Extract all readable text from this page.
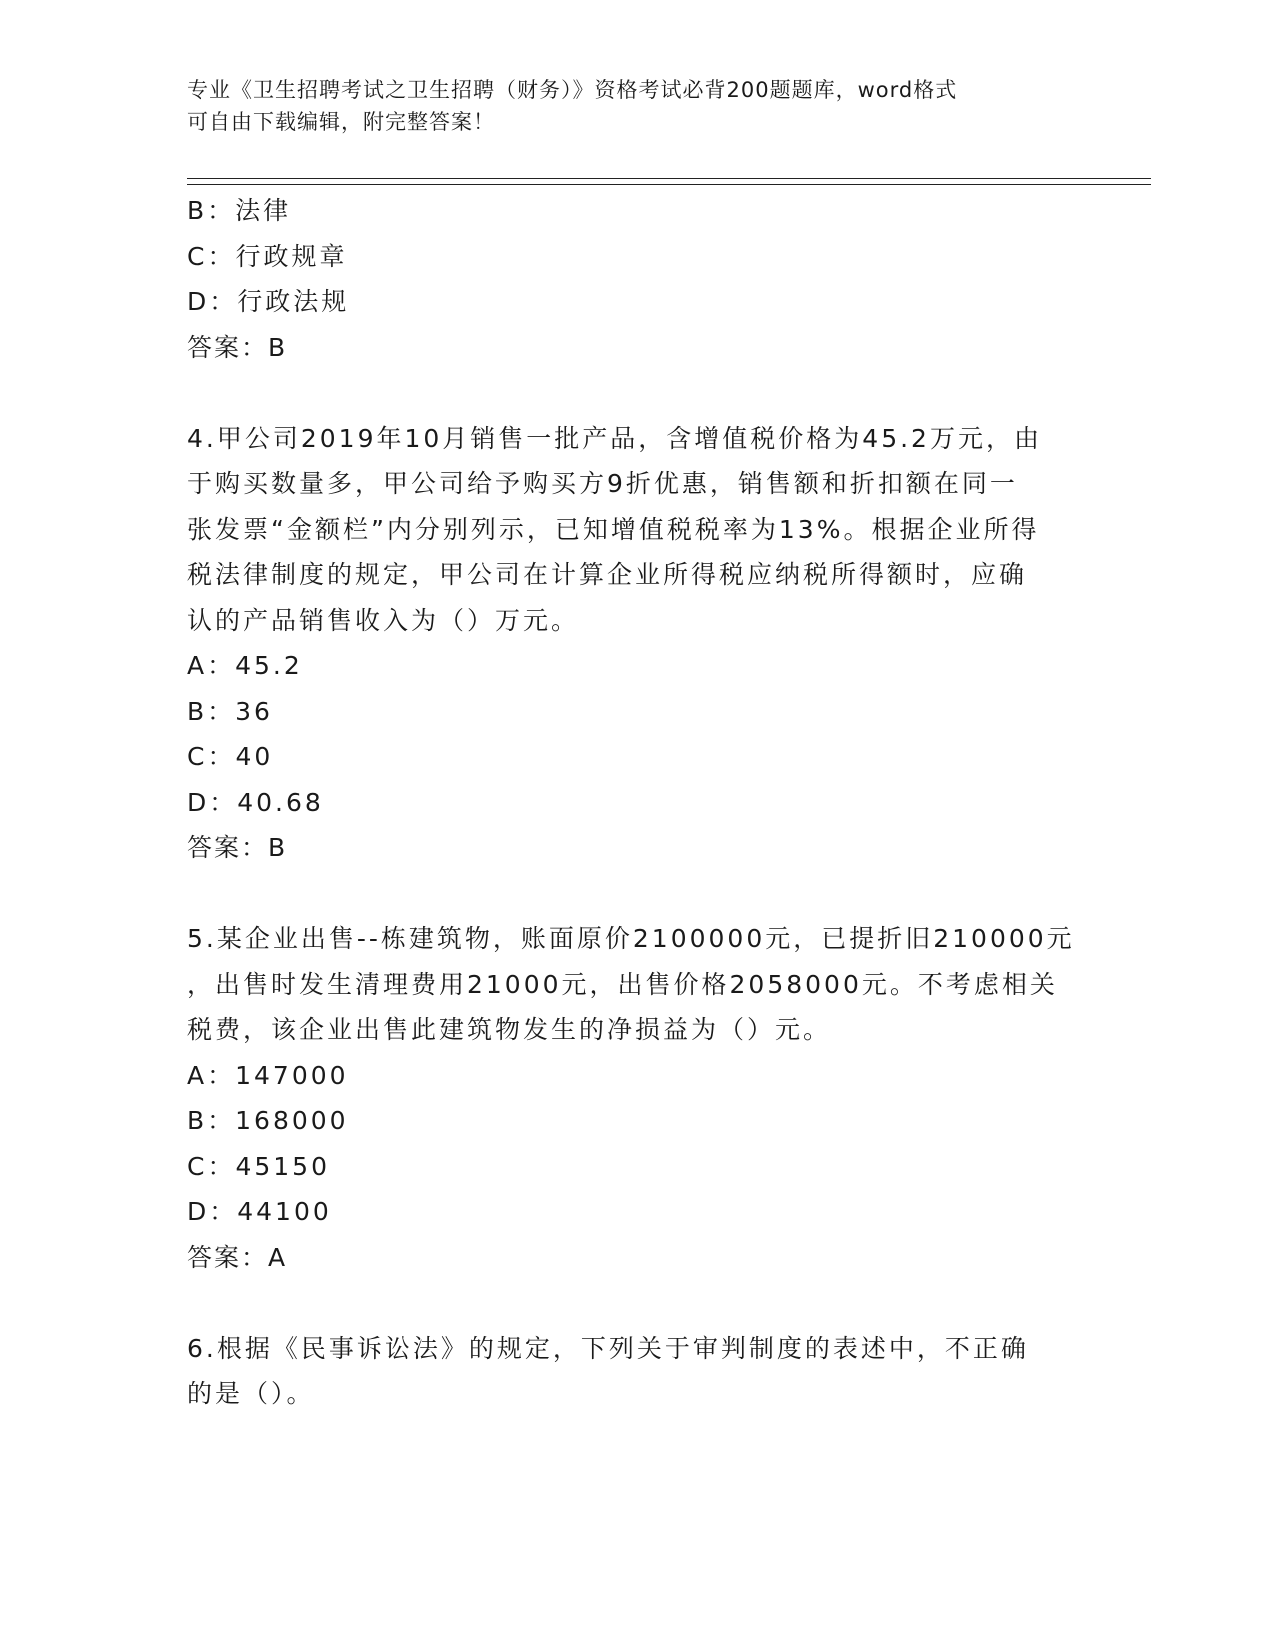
专业《卫生招聘考试之卫生招聘（财务）》资格考试必背200题题库，word格式
可自由下载编辑，附完整答案！
B：法律
C：行政规章
D：行政法规
答案：B
4.甲公司2019年10月销售一批产品，含增值税价格为45.2万元，由
于购买数量多，甲公司给予购买方9折优惠，销售额和折扣额在同一
张发票“金额栏”内分别列示，已知增值税税率为13%。根据企业所得
税法律制度的规定，甲公司在计算企业所得税应纳税所得额时，应确
认的产品销售收入为（）万元。
A：45.2
B：36
C：40
D：40.68
答案：B
5.某企业出售--栋建筑物，账面原价2100000元，已提折旧210000元
，出售时发生清理费用21000元，出售价格2058000元。不考虑相关
税费，该企业出售此建筑物发生的净损益为（）元。
A：147000
B：168000
C：45150
D：44100
答案：A
6.根据《民事诉讼法》的规定，下列关于审判制度的表述中，不正确
的是（）。
